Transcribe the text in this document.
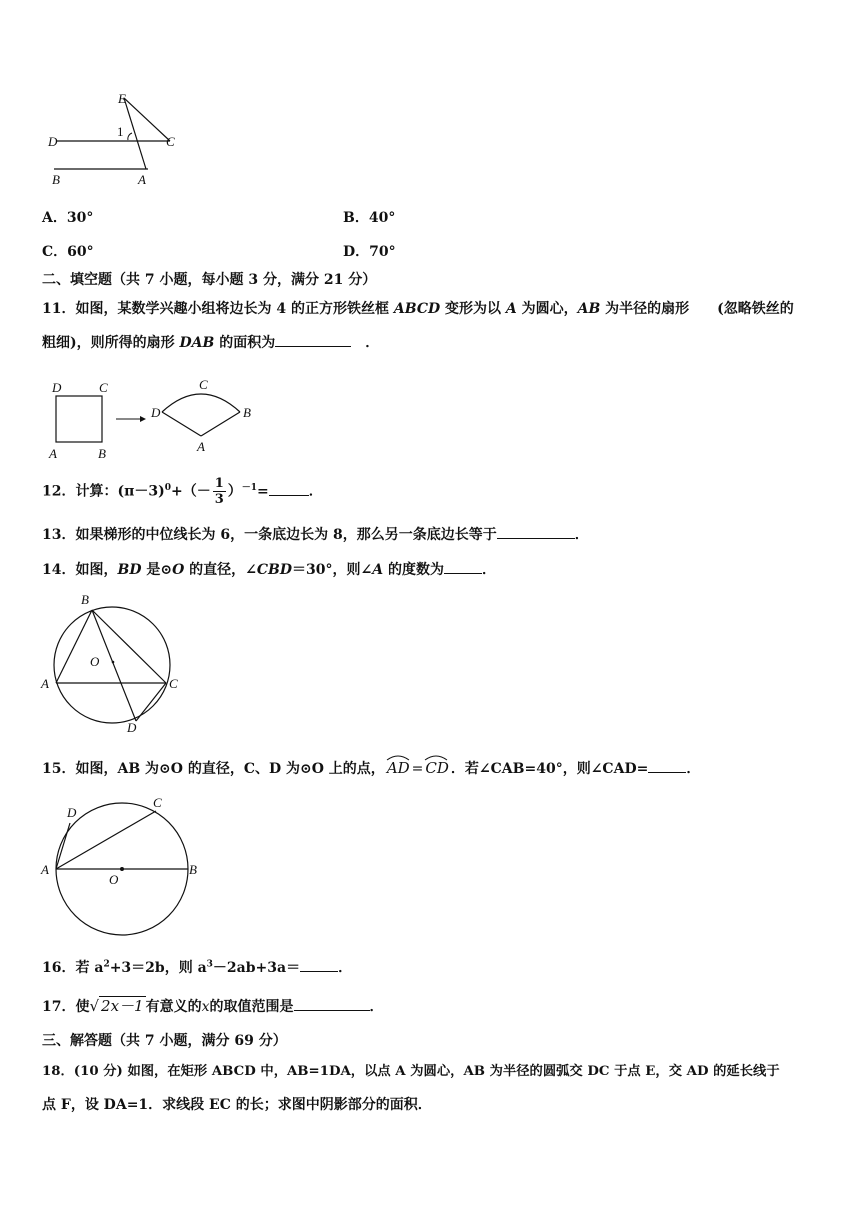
E
D
1
C
B	A
A．30°	B．40°
C．60°	D．70°
二、填空题（共 7 小题，每小题 3 分，满分 21 分）
11．如图，某数学兴趣小组将边长为 4 的正方形铁丝框 ABCD 变形为以 A 为圆心，AB 为半径的扇形　　(忽略铁丝的
粗细)，则所得的扇形 DAB 的面积为　	．
D	C
A	B
D
C
B
A
12．计算：$(\pi-3)^0+(- \frac{1}{3} )^{-1}=$	．
13．如果梯形的中位线长为 6，一条底边长为 8，那么另一条底边长等于	．
14．如图，BD 是⊙O 的直径，∠CBD＝30°，则∠A 的度数为	．
B
O
A	C
D
15．如图，AB 为⊙O 的直径，C、D 为⊙O 上的点， AD = CD ．若∠CAB=40°，则∠CAD=	．
D
C
A
O
B
16．若 $a^2+3=2b$，则 $a^3-2ab+3a=$	．
17．使√ 2x－1 有意义的x的取值范围是	．
三、解答题（共 7 小题，满分 69 分）
18．(10 分) 如图，在矩形 ABCD 中，AB=1DA，以点 A 为圆心，AB 为半径的圆弧交 DC 于点 E，交 AD 的延长线于
点 F，设 DA=1．求线段 EC 的长；求图中阴影部分的面积．
